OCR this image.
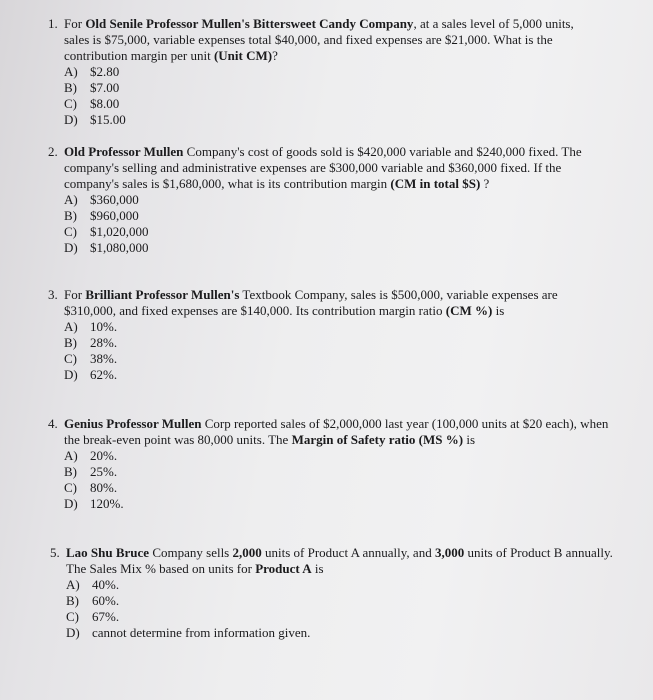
1. For Old Senile Professor Mullen's Bittersweet Candy Company, at a sales level of 5,000 units, sales is $75,000, variable expenses total $40,000, and fixed expenses are $21,000. What is the contribution margin per unit (Unit CM)?
A) $2.80
B)	$7.00
C)	$8.00
D) $15.00
2. Old Professor Mullen Company's cost of goods sold is $420,000 variable and $240,000 fixed. The company's selling and administrative expenses are $300,000 variable and $360,000 fixed. If the company's sales is $1,680,000, what is its contribution margin (CM in total $S) ?
A) $360,000
B)	$960,000
C)	$1,020,000
D) $1,080,000
3. For Brilliant Professor Mullen's Textbook Company, sales is $500,000, variable expenses are $310,000, and fixed expenses are $140,000. Its contribution margin ratio (CM %) is
A) 10%.
B)	28%.
C)	38%.
D) 62%.
4. Genius Professor Mullen Corp reported sales of $2,000,000 last year (100,000 units at $20 each), when the break-even point was 80,000 units. The Margin of Safety ratio (MS %) is
A) 20%.
B)	25%.
C)	80%.
D) 120%.
5. Lao Shu Bruce Company sells 2,000 units of Product A annually, and 3,000 units of Product B annually. The Sales Mix % based on units for Product A is
A) 40%.
B)	60%.
C)	67%.
D) cannot determine from information given.
